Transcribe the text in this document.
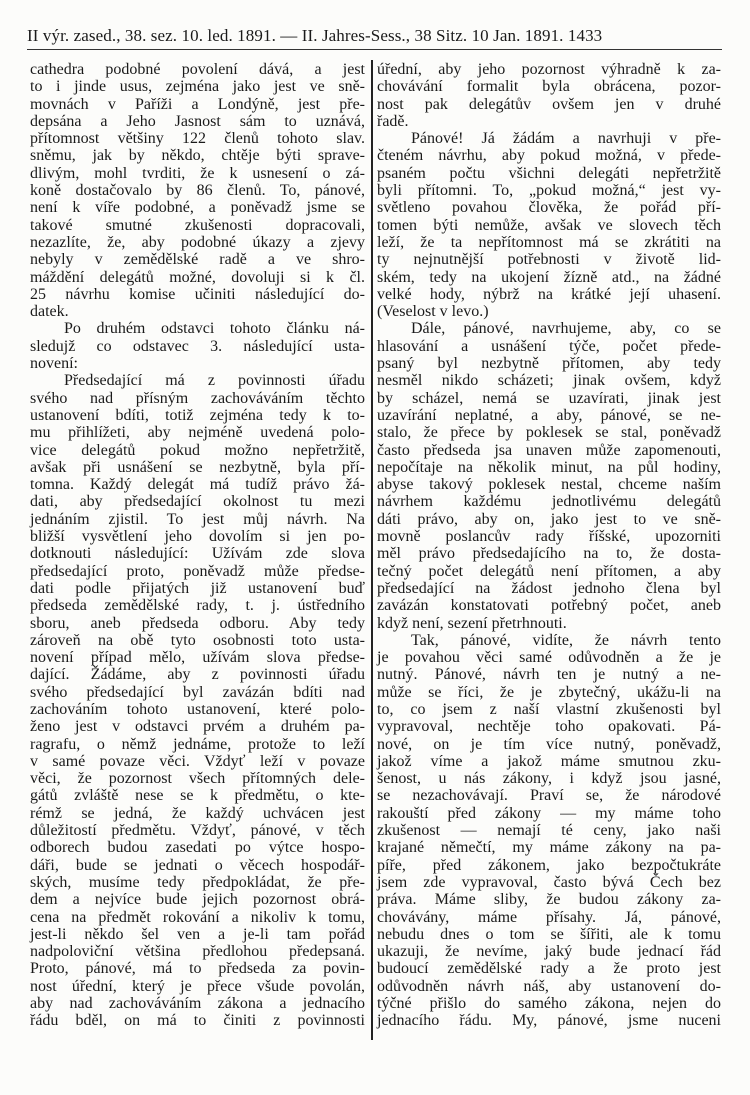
II výr. zased., 38. sez. 10. led. 1891. — II. Jahres-Sess., 38 Sitz. 10 Jan. 1891. 1433
cathedra podobné povolení dává, a jest
to i jinde usus, zejména jako jest ve sně-
movnách v Paříži a Londýně, jest pře-
depsána a Jeho Jasnost sám to uznává,
přítomnost většiny 122 členů tohoto slav.
sněmu, jak by někdo, chtěje býti sprave-
dlivým, mohl tvrditi, že k usnesení o zá-
koně dostačovalo by 86 členů. To, pánové,
není k víře podobné, a poněvadž jsme se
takové smutné zkušenosti dopracovali,
nezazlíte, že, aby podobné úkazy a zjevy
nebyly v zemědělské radě a ve shro-
máždění delegátů možné, dovoluji si k čl.
25 návrhu komise učiniti následující do-
datek.
Po druhém odstavci tohoto článku ná-
sledujž co odstavec 3. následující usta-
novení:
Předsedající má z povinnosti úřadu
svého nad přísným zachováváním těchto
ustanovení bdíti, totiž zejména tedy k to-
mu přihlížeti, aby nejméně uvedená polo-
vice delegátů pokud možno nepřetržitě,
avšak při usnášení se nezbytně, byla pří-
tomna. Každý delegát má tudíž právo žá-
dati, aby předsedající okolnost tu mezi
jednáním zjistil. To jest můj návrh. Na
bližší vysvětlení jeho dovolím si jen po-
dotknouti následující: Užívám zde slova
předsedající proto, poněvadž může předse-
dati podle přijatých již ustanovení buď
předseda zemědělské rady, t. j. ústředního
sboru, aneb předseda odboru. Aby tedy
zároveň na obě tyto osobnosti toto usta-
novení případ mělo, užívám slova předse-
dající. Žádáme, aby z povinnosti úřadu
svého předsedající byl zavázán bdíti nad
zachováním tohoto ustanovení, které polo-
ženo jest v odstavci prvém a druhém pa-
ragrafu, o němž jednáme, protože to leží
v samé povaze věci. Vždyť leží v povaze
věci, že pozornost všech přítomných dele-
gátů zvláště nese se k předmětu, o kte-
rémž se jedná, že každý uchvácen jest
důležitostí předmětu. Vždyť, pánové, v těch
odborech budou zasedati po výtce hospo-
dáři, bude se jednati o věcech hospodář-
ských, musíme tedy předpokládat, že pře-
dem a nejvíce bude jejich pozornost obrá-
cena na předmět rokování a nikoliv k tomu,
jest-li někdo šel ven a je-li tam pořád
nadpoloviční většina předlohou předepsaná.
Proto, pánové, má to předseda za povin-
nost úřední, který je přece všude povolán,
aby nad zachováváním zákona a jednacího
řádu bděl, on má to činiti z povinnosti
úřední, aby jeho pozornost výhradně k za-
chovávání formalit byla obrácena, pozor-
nost pak delegátův ovšem jen v druhé
řadě.
Pánové! Já žádám a navrhuji v pře-
čteném návrhu, aby pokud možná, v přede-
psaném počtu všichni delegáti nepřetržitě
byli přítomni. To, „pokud možná,“ jest vy-
světleno povahou člověka, že pořád pří-
tomen býti nemůže, avšak ve slovech těch
leží, že ta nepřítomnost má se zkrátiti na
ty nejnutnější potřebnosti v životě lid-
ském, tedy na ukojení žízně atd., na žádné
velké hody, nýbrž na krátké její uhasení.
(Veselost v levo.)
Dále, pánové, navrhujeme, aby, co se
hlasování a usnášení týče, počet přede-
psaný byl nezbytně přítomen, aby tedy
nesměl nikdo scházeti; jinak ovšem, když
by scházel, nemá se uzavírati, jinak jest
uzavírání neplatné, a aby, pánové, se ne-
stalo, že přece by poklesek se stal, poněvadž
často předseda jsa unaven může zapomenouti,
nepočítaje na několik minut, na půl hodiny,
abyse takový poklesek nestal, chceme naším
návrhem každému jednotlivému delegátů
dáti právo, aby on, jako jest to ve sně-
movně poslancův rady říšské, upozorniti
měl právo předsedajícího na to, že dosta-
tečný počet delegátů není přítomen, a aby
předsedající na žádost jednoho člena byl
zavázán konstatovati potřebný počet, aneb
když není, sezení přetrhnouti.
Tak, pánové, vidíte, že návrh tento
je povahou věci samé odůvodněn a že je
nutný. Pánové, návrh ten je nutný a ne-
může se říci, že je zbytečný, ukážu-li na
to, co jsem z naší vlastní zkušenosti byl
vypravoval, nechtěje toho opakovati. Pá-
nové, on je tím více nutný, poněvadž,
jakož víme a jakož máme smutnou zku-
šenost, u nás zákony, i když jsou jasné,
se nezachovávají. Praví se, že národové
rakouští před zákony — my máme toho
zkušenost — nemají té ceny, jako naši
krajané němečtí, my máme zákony na pa-
píře, před zákonem, jako bezpočtukráte
jsem zde vypravoval, často bývá Čech bez
práva. Máme sliby, že budou zákony za-
chovávány, máme přísahy. Já, pánové,
nebudu dnes o tom se šířiti, ale k tomu
ukazuji, že nevíme, jaký bude jednací řád
budoucí zemědělské rady a že proto jest
odůvodněn návrh náš, aby ustanovení do-
týčné přišlo do samého zákona, nejen do
jednacího řádu. My, pánové, jsme nuceni
